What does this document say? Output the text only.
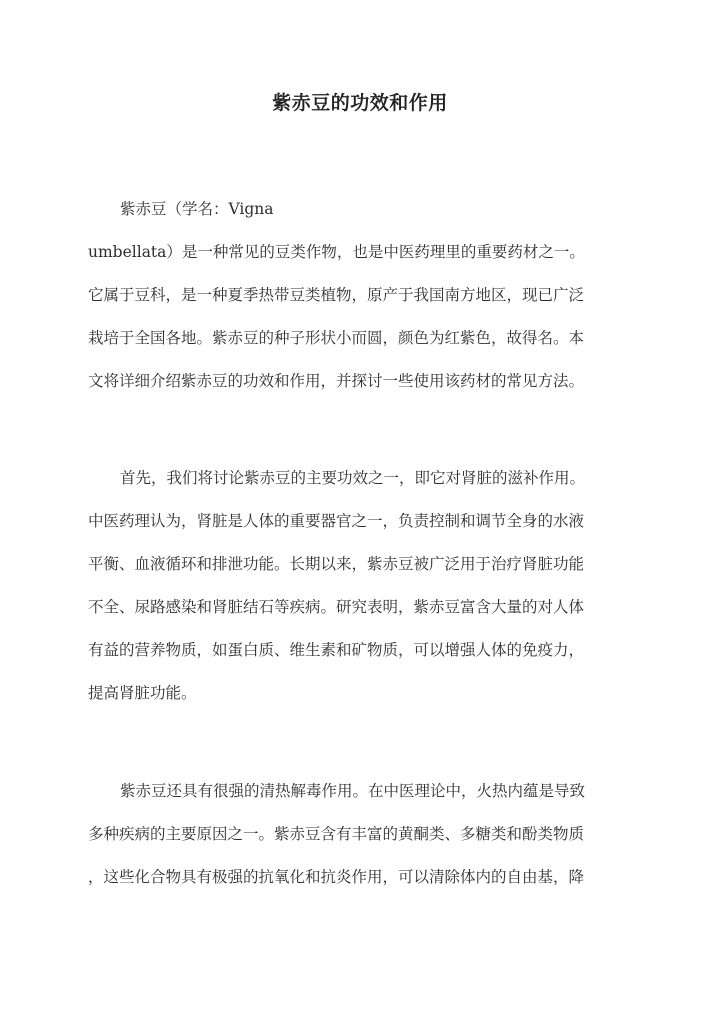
紫赤豆的功效和作用
紫赤豆（学名：Vigna
umbellata）是一种常见的豆类作物，也是中医药理里的重要药材之一。
它属于豆科，是一种夏季热带豆类植物，原产于我国南方地区，现已广泛
栽培于全国各地。紫赤豆的种子形状小而圆，颜色为红紫色，故得名。本
文将详细介绍紫赤豆的功效和作用，并探讨一些使用该药材的常见方法。
首先，我们将讨论紫赤豆的主要功效之一，即它对肾脏的滋补作用。
中医药理认为，肾脏是人体的重要器官之一，负责控制和调节全身的水液
平衡、血液循环和排泄功能。长期以来，紫赤豆被广泛用于治疗肾脏功能
不全、尿路感染和肾脏结石等疾病。研究表明，紫赤豆富含大量的对人体
有益的营养物质，如蛋白质、维生素和矿物质，可以增强人体的免疫力，
提高肾脏功能。
紫赤豆还具有很强的清热解毒作用。在中医理论中，火热内蕴是导致
多种疾病的主要原因之一。紫赤豆含有丰富的黄酮类、多糖类和酚类物质
，这些化合物具有极强的抗氧化和抗炎作用，可以清除体内的自由基，降
